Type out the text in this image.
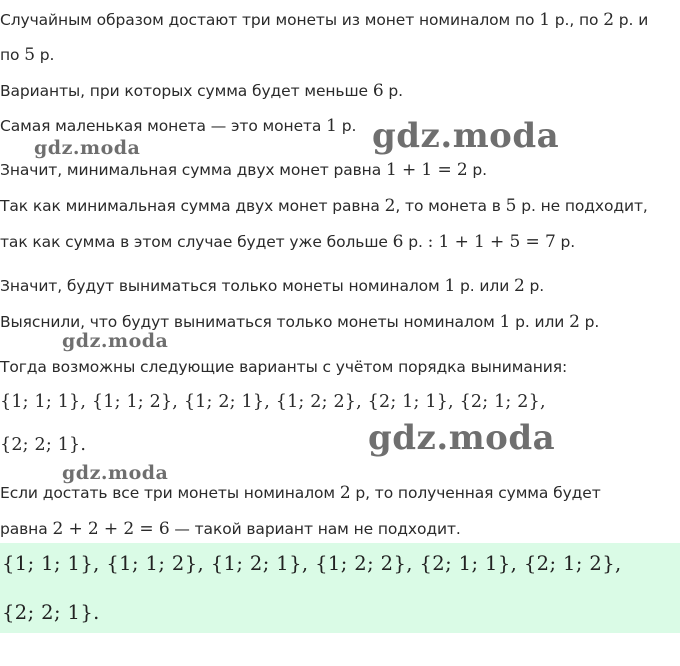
Случайным образом достают три монеты из монет номиналом по 1 р., по 2 р. и
по 5 р.
Варианты, при которых сумма будет меньше 6 р.
Самая маленькая монета — это монета 1 р.
Значит, минимальная сумма двух монет равна 1 + 1 = 2 р.
Так как минимальная сумма двух монет равна 2, то монета в 5 р. не подходит,
так как сумма в этом случае будет уже больше 6 р. : 1 + 1 + 5 = 7 р.
Значит, будут выниматься только монеты номиналом 1 р. или 2 р.
Выяснили, что будут выниматься только монеты номиналом 1 р. или 2 р.
Тогда возможны следующие варианты с учётом порядка вынимания:
{1; 1; 1}, {1; 1; 2}, {1; 2; 1}, {1; 2; 2}, {2; 1; 1}, {2; 1; 2},
{2; 2; 1}.
Если достать все три монеты номиналом 2 р, то полученная сумма будет
равна 2 + 2 + 2 = 6 — такой вариант нам не подходит.
{1; 1; 1}, {1; 1; 2}, {1; 2; 1}, {1; 2; 2}, {2; 1; 1}, {2; 1; 2},
{2; 2; 1}.
gdz.moda
gdz.moda
gdz.moda
gdz.moda
gdz.moda
